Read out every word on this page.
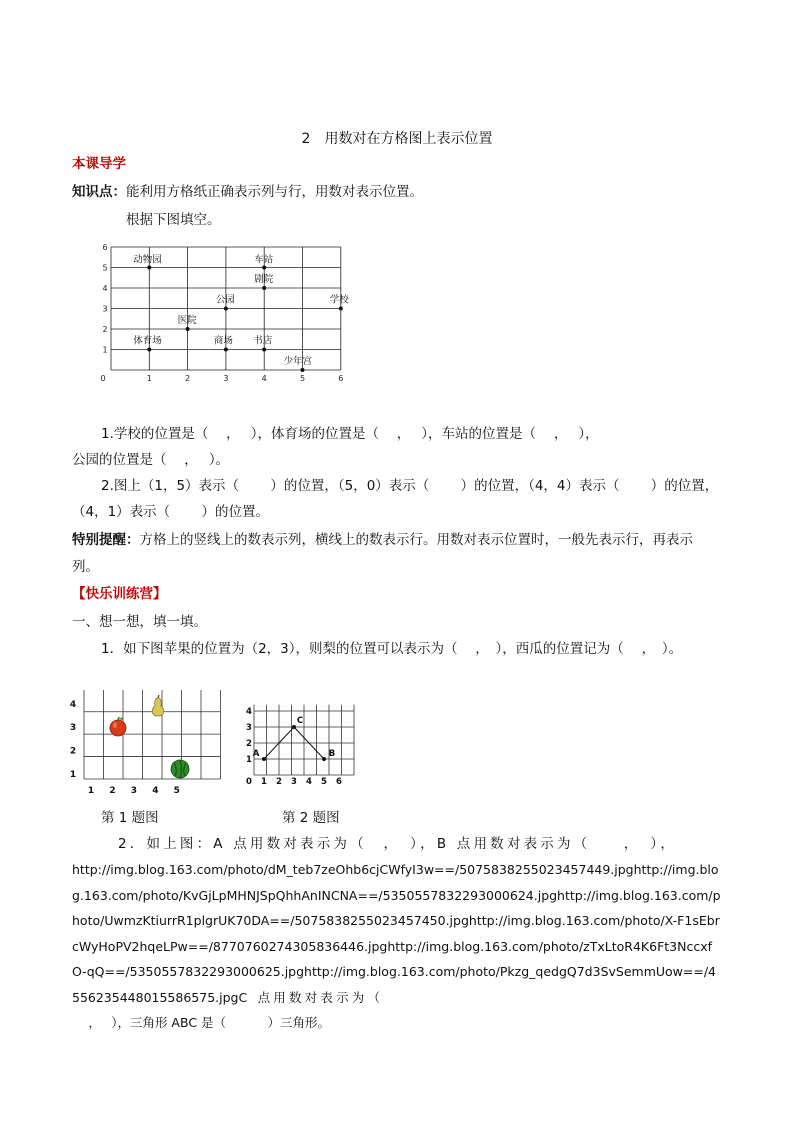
2　用数对在方格图上表示位置
本课导学
知识点：能利用方格纸正确表示列与行，用数对表示位置。
根据下图填空。
0	1	2	3	4	5	6
1
2
3
4
5
6
动物园	车站
剧院
公园	学校
医院
体育场	商场 书店
少年宫
1.学校的位置是（　 ，　 ），体育场的位置是（　 ，　 ），车站的位置是（　 ，　 ），
公园的位置是（　 ，　 ）。
2.图上（1，5）表示（　　 ）的位置，（5，0）表示（　　 ）的位置，（4，4）表示（　　 ）的位置，
（4，1）表示（　　 ）的位置。
特别提醒：方格上的竖线上的数表示列，横线上的数表示行。用数对表示位置时，一般先表示行，再表示
列。
【快乐训练营】
一、想一想，填一填。
1．如下图苹果的位置为（2，3），则梨的位置可以表示为（　 ，　），西瓜的位置记为（　 ，　）。
1 2 3 4 5
1
2
3
4
第 1 题图
0 1 2 3 4 5 6
1
2
3
4
A	B
C
第 2 题图
2．如上图：A 点用数对表示为（　，　），B 点用数对表示为（　　，　），
http://img.blog.163.com/photo/dM_teb7zeOhb6cjCWfyI3w==/5075838255023457449.jpghttp://img.blog.163.com/photo/KvGjLpMHNJSpQhhAnINCNA==/5350557832293000624.jpghttp://img.blog.163.com/photo/UwmzKtiurrR1plgrUK70DA==/5075838255023457450.jpghttp://img.blog.163.com/photo/X-F1sEbrcWyHoPV2hqeLPw==/8770760274305836446.jpghttp://img.blog.163.com/photo/zTxLtoR4K6Ft3NccxfO-qQ==/5350557832293000625.jpghttp://img.blog.163.com/photo/Pkzg_qedgQ7d3SvSemmUow==/4556235448015586575.jpgC 点用数对表示为（
　 ，　 ），三角形 ABC 是（　　　 ）三角形。
